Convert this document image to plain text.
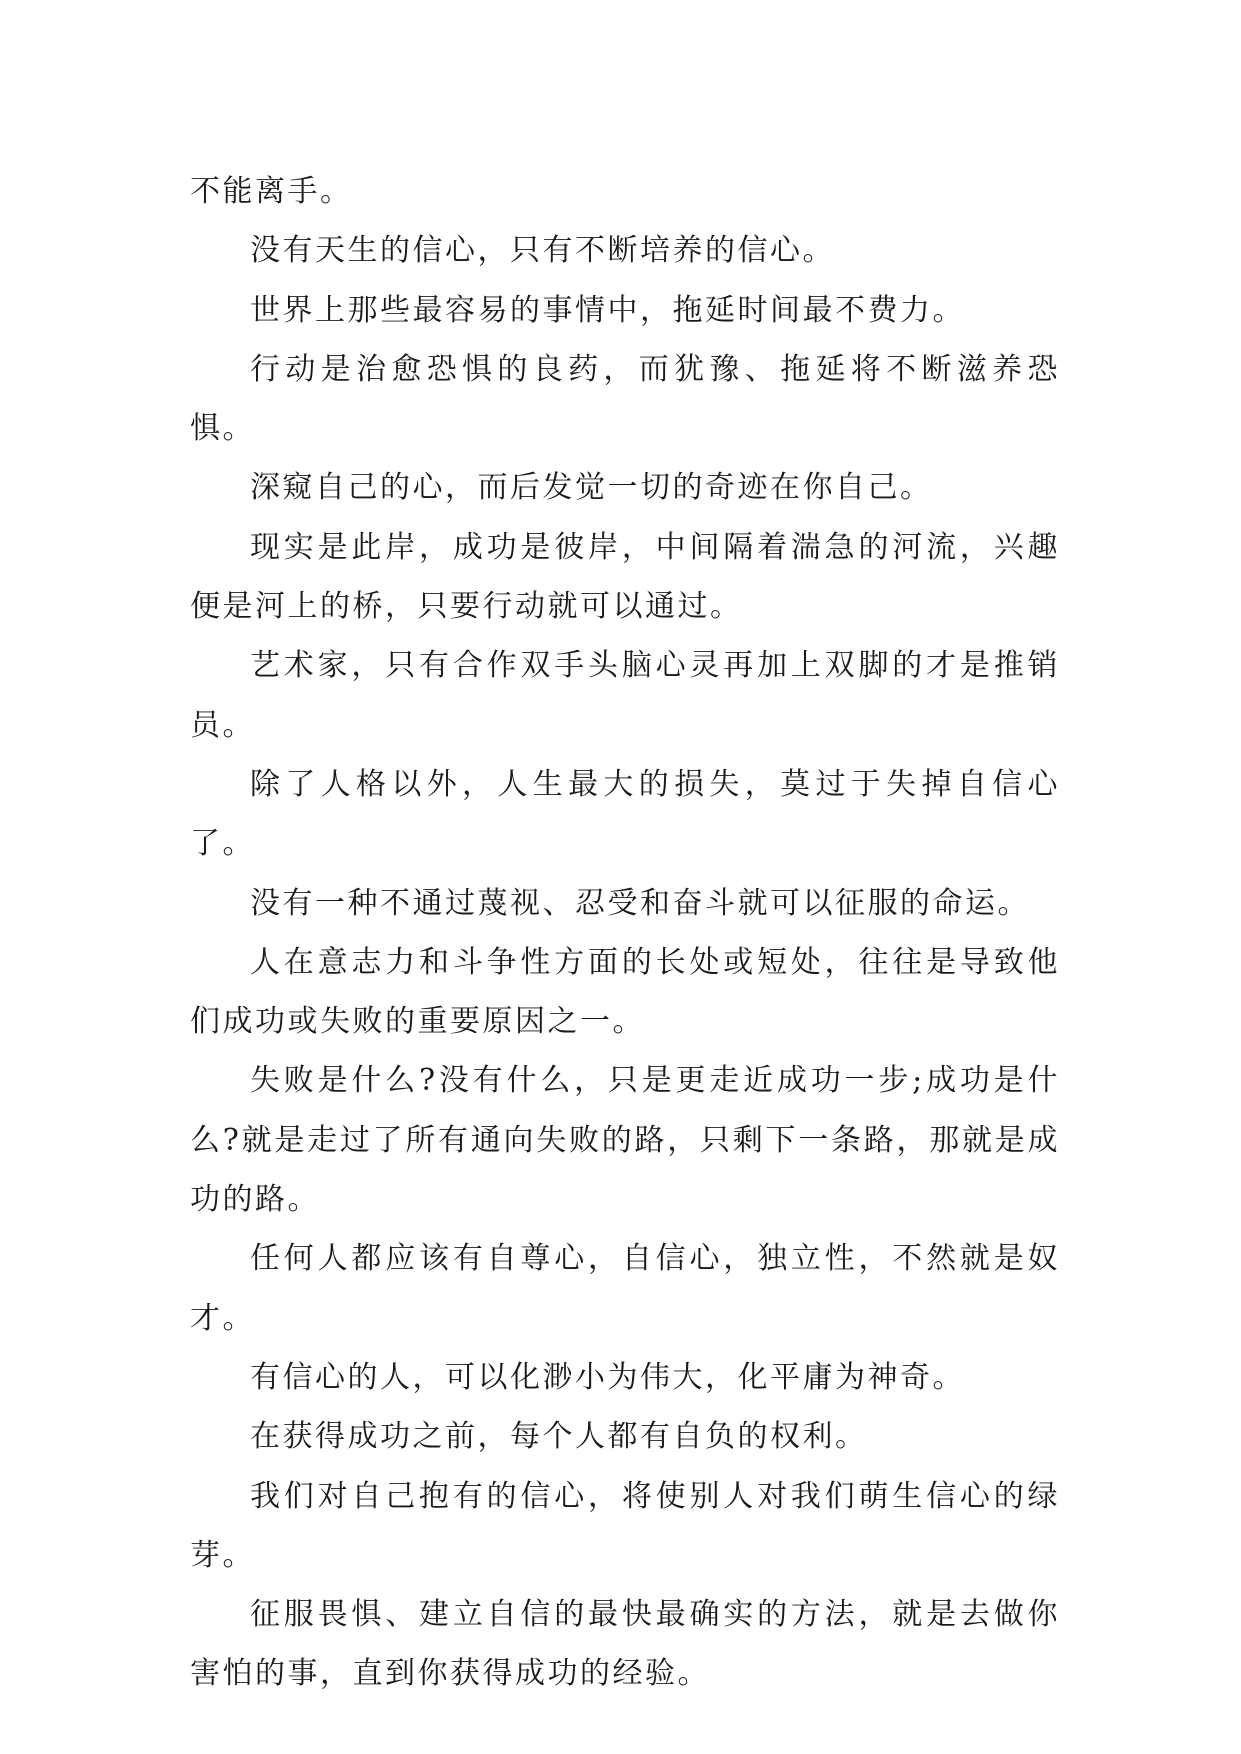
不能离手。

没有天生的信心，只有不断培养的信心。

世界上那些最容易的事情中，拖延时间最不费力。

行动是治愈恐惧的良药，而犹豫、拖延将不断滋养恐惧。

深窥自己的心，而后发觉一切的奇迹在你自己。

现实是此岸，成功是彼岸，中间隔着湍急的河流，兴趣便是河上的桥，只要行动就可以通过。

艺术家，只有合作双手头脑心灵再加上双脚的才是推销员。

除了人格以外，人生最大的损失，莫过于失掉自信心了。

没有一种不通过蔑视、忍受和奋斗就可以征服的命运。

人在意志力和斗争性方面的长处或短处，往往是导致他们成功或失败的重要原因之一。

失败是什么?没有什么，只是更走近成功一步;成功是什么?就是走过了所有通向失败的路，只剩下一条路，那就是成功的路。

任何人都应该有自尊心，自信心，独立性，不然就是奴才。

有信心的人，可以化渺小为伟大，化平庸为神奇。

在获得成功之前，每个人都有自负的权利。

我们对自己抱有的信心，将使别人对我们萌生信心的绿芽。

征服畏惧、建立自信的最快最确实的方法，就是去做你害怕的事，直到你获得成功的经验。
